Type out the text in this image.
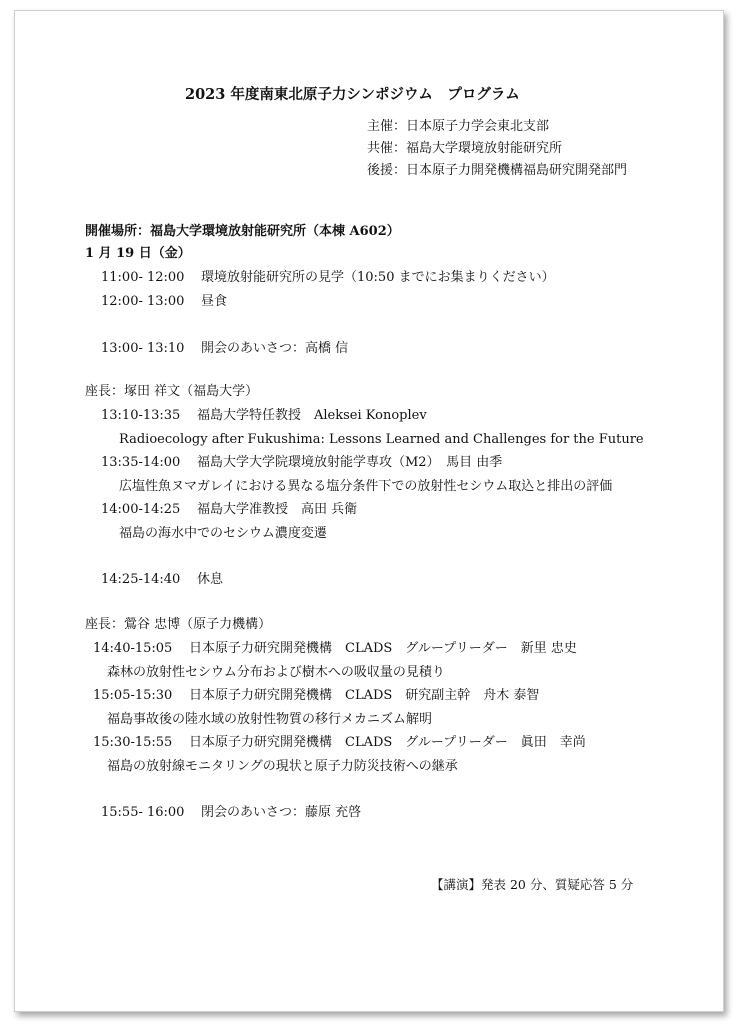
2023 年度南東北原子力シンポジウム　プログラム
主催：日本原子力学会東北支部
共催：福島大学環境放射能研究所
後援：日本原子力開発機構福島研究開発部門
開催場所：福島大学環境放射能研究所（本棟 A602）
1 月 19 日（金）
11:00- 12:00 環境放射能研究所の見学（10:50 までにお集まりください）
12:00- 13:00 昼食
13:00- 13:10 開会のあいさつ：高橋 信
座長：塚田 祥文（福島大学）
13:10-13:35 福島大学特任教授　Aleksei Konoplev
Radioecology after Fukushima: Lessons Learned and Challenges for the Future
13:35-14:00 福島大学大学院環境放射能学専攻（M2）　馬目 由季
広塩性魚ヌマガレイにおける異なる塩分条件下での放射性セシウム取込と排出の評価
14:00-14:25 福島大学准教授　高田 兵衛
福島の海水中でのセシウム濃度変遷
14:25-14:40 休息
座長：鶯谷 忠博（原子力機構）
14:40-15:05 日本原子力研究開発機構　CLADS　グループリーダー　新里 忠史
森林の放射性セシウム分布および樹木への吸収量の見積り
15:05-15:30 日本原子力研究開発機構　CLADS　研究副主幹　舟木 泰智
福島事故後の陸水域の放射性物質の移行メカニズム解明
15:30-15:55 日本原子力研究開発機構　CLADS　グループリーダー　眞田　幸尚
福島の放射線モニタリングの現状と原子力防災技術への継承
15:55- 16:00 閉会のあいさつ：藤原 充啓
【講演】発表 20 分、質疑応答 5 分
